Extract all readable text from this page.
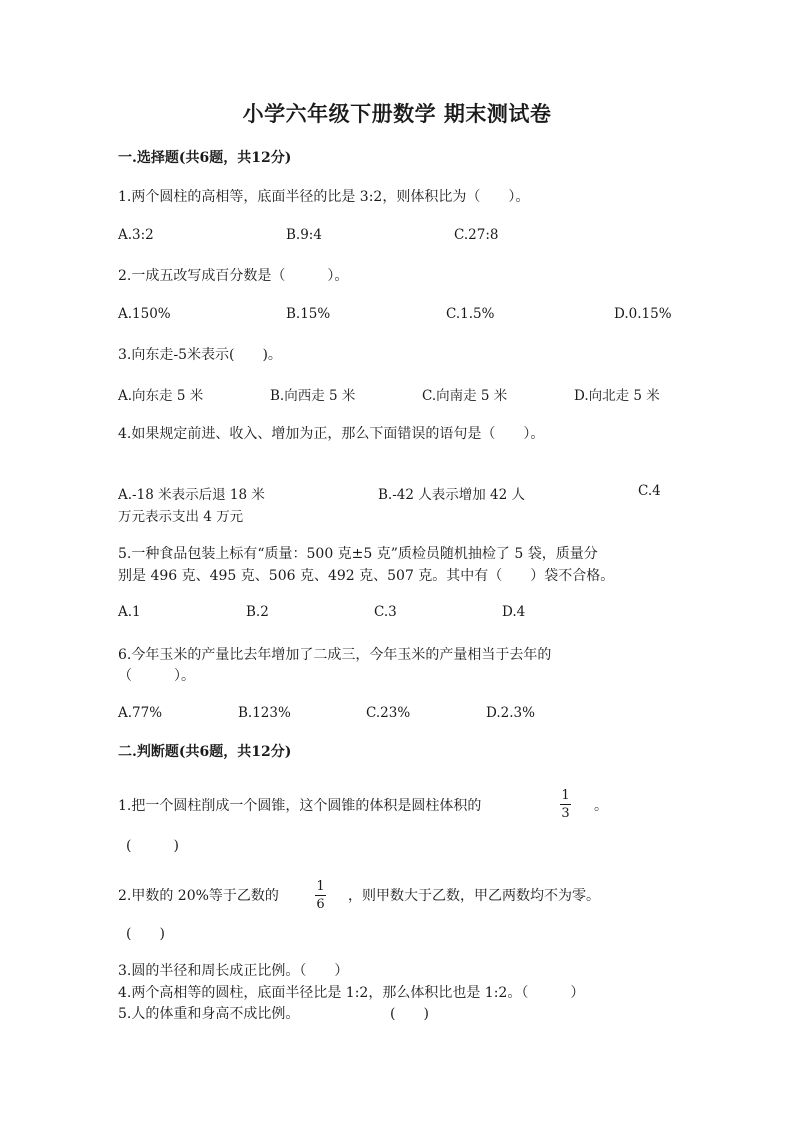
小学六年级下册数学 期末测试卷
一.选择题(共6题，共12分)
1.两个圆柱的高相等，底面半径的比是 3:2，则体积比为（　　）。
A.3:2	B.9:4	C.27:8
2.一成五改写成百分数是（　　　）。
A.150%	B.15%	C.1.5%	D.0.15%
3.向东走-5米表示(　　)。
A.向东走 5 米	B.向西走 5 米	C.向南走 5 米	D.向北走 5 米
4.如果规定前进、收入、增加为正，那么下面错误的语句是（　　）。
A.-18 米表示后退 18 米	B.-42 人表示增加 42 人	C.4
万元表示支出 4 万元
5.一种食品包装上标有“质量：500 克±5 克”质检员随机抽检了 5 袋，质量分
别是 496 克、495 克、506 克、492 克、507 克。其中有（　　）袋不合格。
A.1	B.2	C.3	D.4
6.今年玉米的产量比去年增加了二成三，今年玉米的产量相当于去年的
（　　　）。
A.77%	B.123%	C.23%	D.2.3%
二.判断题(共6题，共12分)
1.把一个圆柱削成一个圆锥，这个圆锥的体积是圆柱体积的
1
3 。
(　　　)
2.甲数的 20%等于乙数的
1
6
，则甲数大于乙数，甲乙两数均不为零。
(　　)
3.圆的半径和周长成正比例。（　　）
4.两个高相等的圆柱，底面半径比是 1:2，那么体积比也是 1:2。（　　　）
5.人的体重和身高不成比例。	(　　)
